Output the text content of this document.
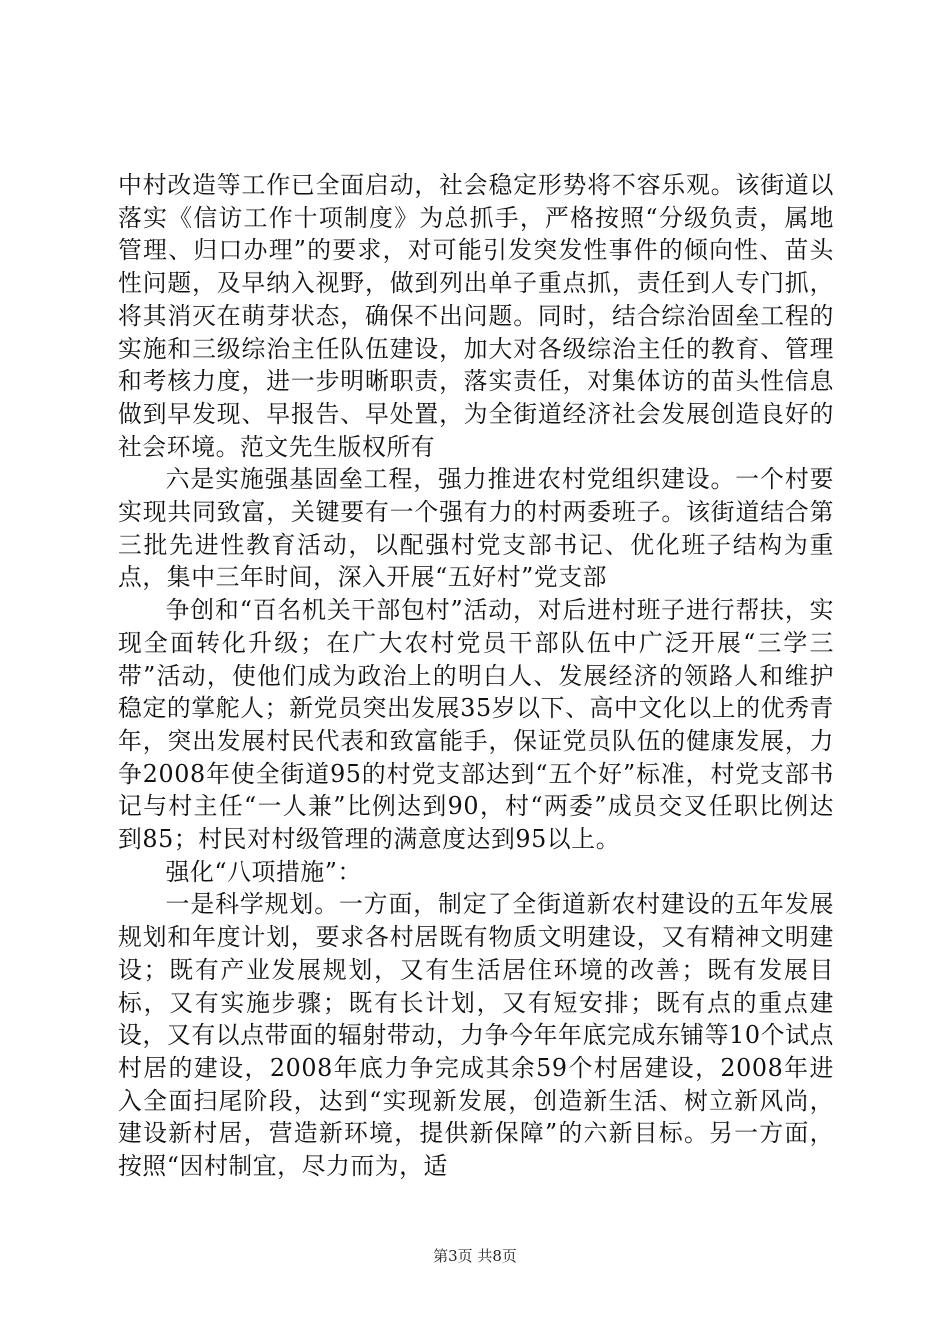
中村改造等工作已全面启动，社会稳定形势将不容乐观。该街道以落实《信访工作十项制度》为总抓手，严格按照“分级负责，属地管理、归口办理”的要求，对可能引发突发性事件的倾向性、苗头性问题，及早纳入视野，做到列出单子重点抓，责任到人专门抓，将其消灭在萌芽状态，确保不出问题。同时，结合综治固垒工程的实施和三级综治主任队伍建设，加大对各级综治主任的教育、管理和考核力度，进一步明晰职责，落实责任，对集体访的苗头性信息做到早发现、早报告、早处置，为全街道经济社会发展创造良好的社会环境。范文先生版权所有

六是实施强基固垒工程，强力推进农村党组织建设。一个村要实现共同致富，关键要有一个强有力的村两委班子。该街道结合第三批先进性教育活动，以配强村党支部书记、优化班子结构为重点，集中三年时间，深入开展“五好村”党支部

争创和“百名机关干部包村”活动，对后进村班子进行帮扶，实现全面转化升级；在广大农村党员干部队伍中广泛开展“三学三带”活动，使他们成为政治上的明白人、发展经济的领路人和维护稳定的掌舵人；新党员突出发展35岁以下、高中文化以上的优秀青年，突出发展村民代表和致富能手，保证党员队伍的健康发展，力争2008年使全街道95的村党支部达到“五个好”标准，村党支部书记与村主任“一人兼”比例达到90，村“两委”成员交叉任职比例达到85；村民对村级管理的满意度达到95以上。

强化“八项措施”：

一是科学规划。一方面，制定了全街道新农村建设的五年发展规划和年度计划，要求各村居既有物质文明建设，又有精神文明建设；既有产业发展规划，又有生活居住环境的改善；既有发展目标，又有实施步骤；既有长计划，又有短安排；既有点的重点建设，又有以点带面的辐射带动，力争今年年底完成东铺等10个试点村居的建设，2008年底力争完成其余59个村居建设，2008年进入全面扫尾阶段，达到“实现新发展，创造新生活、树立新风尚，建设新村居，营造新环境，提供新保障”的六新目标。另一方面，按照“因村制宜，尽力而为，适

第3页 共8页
